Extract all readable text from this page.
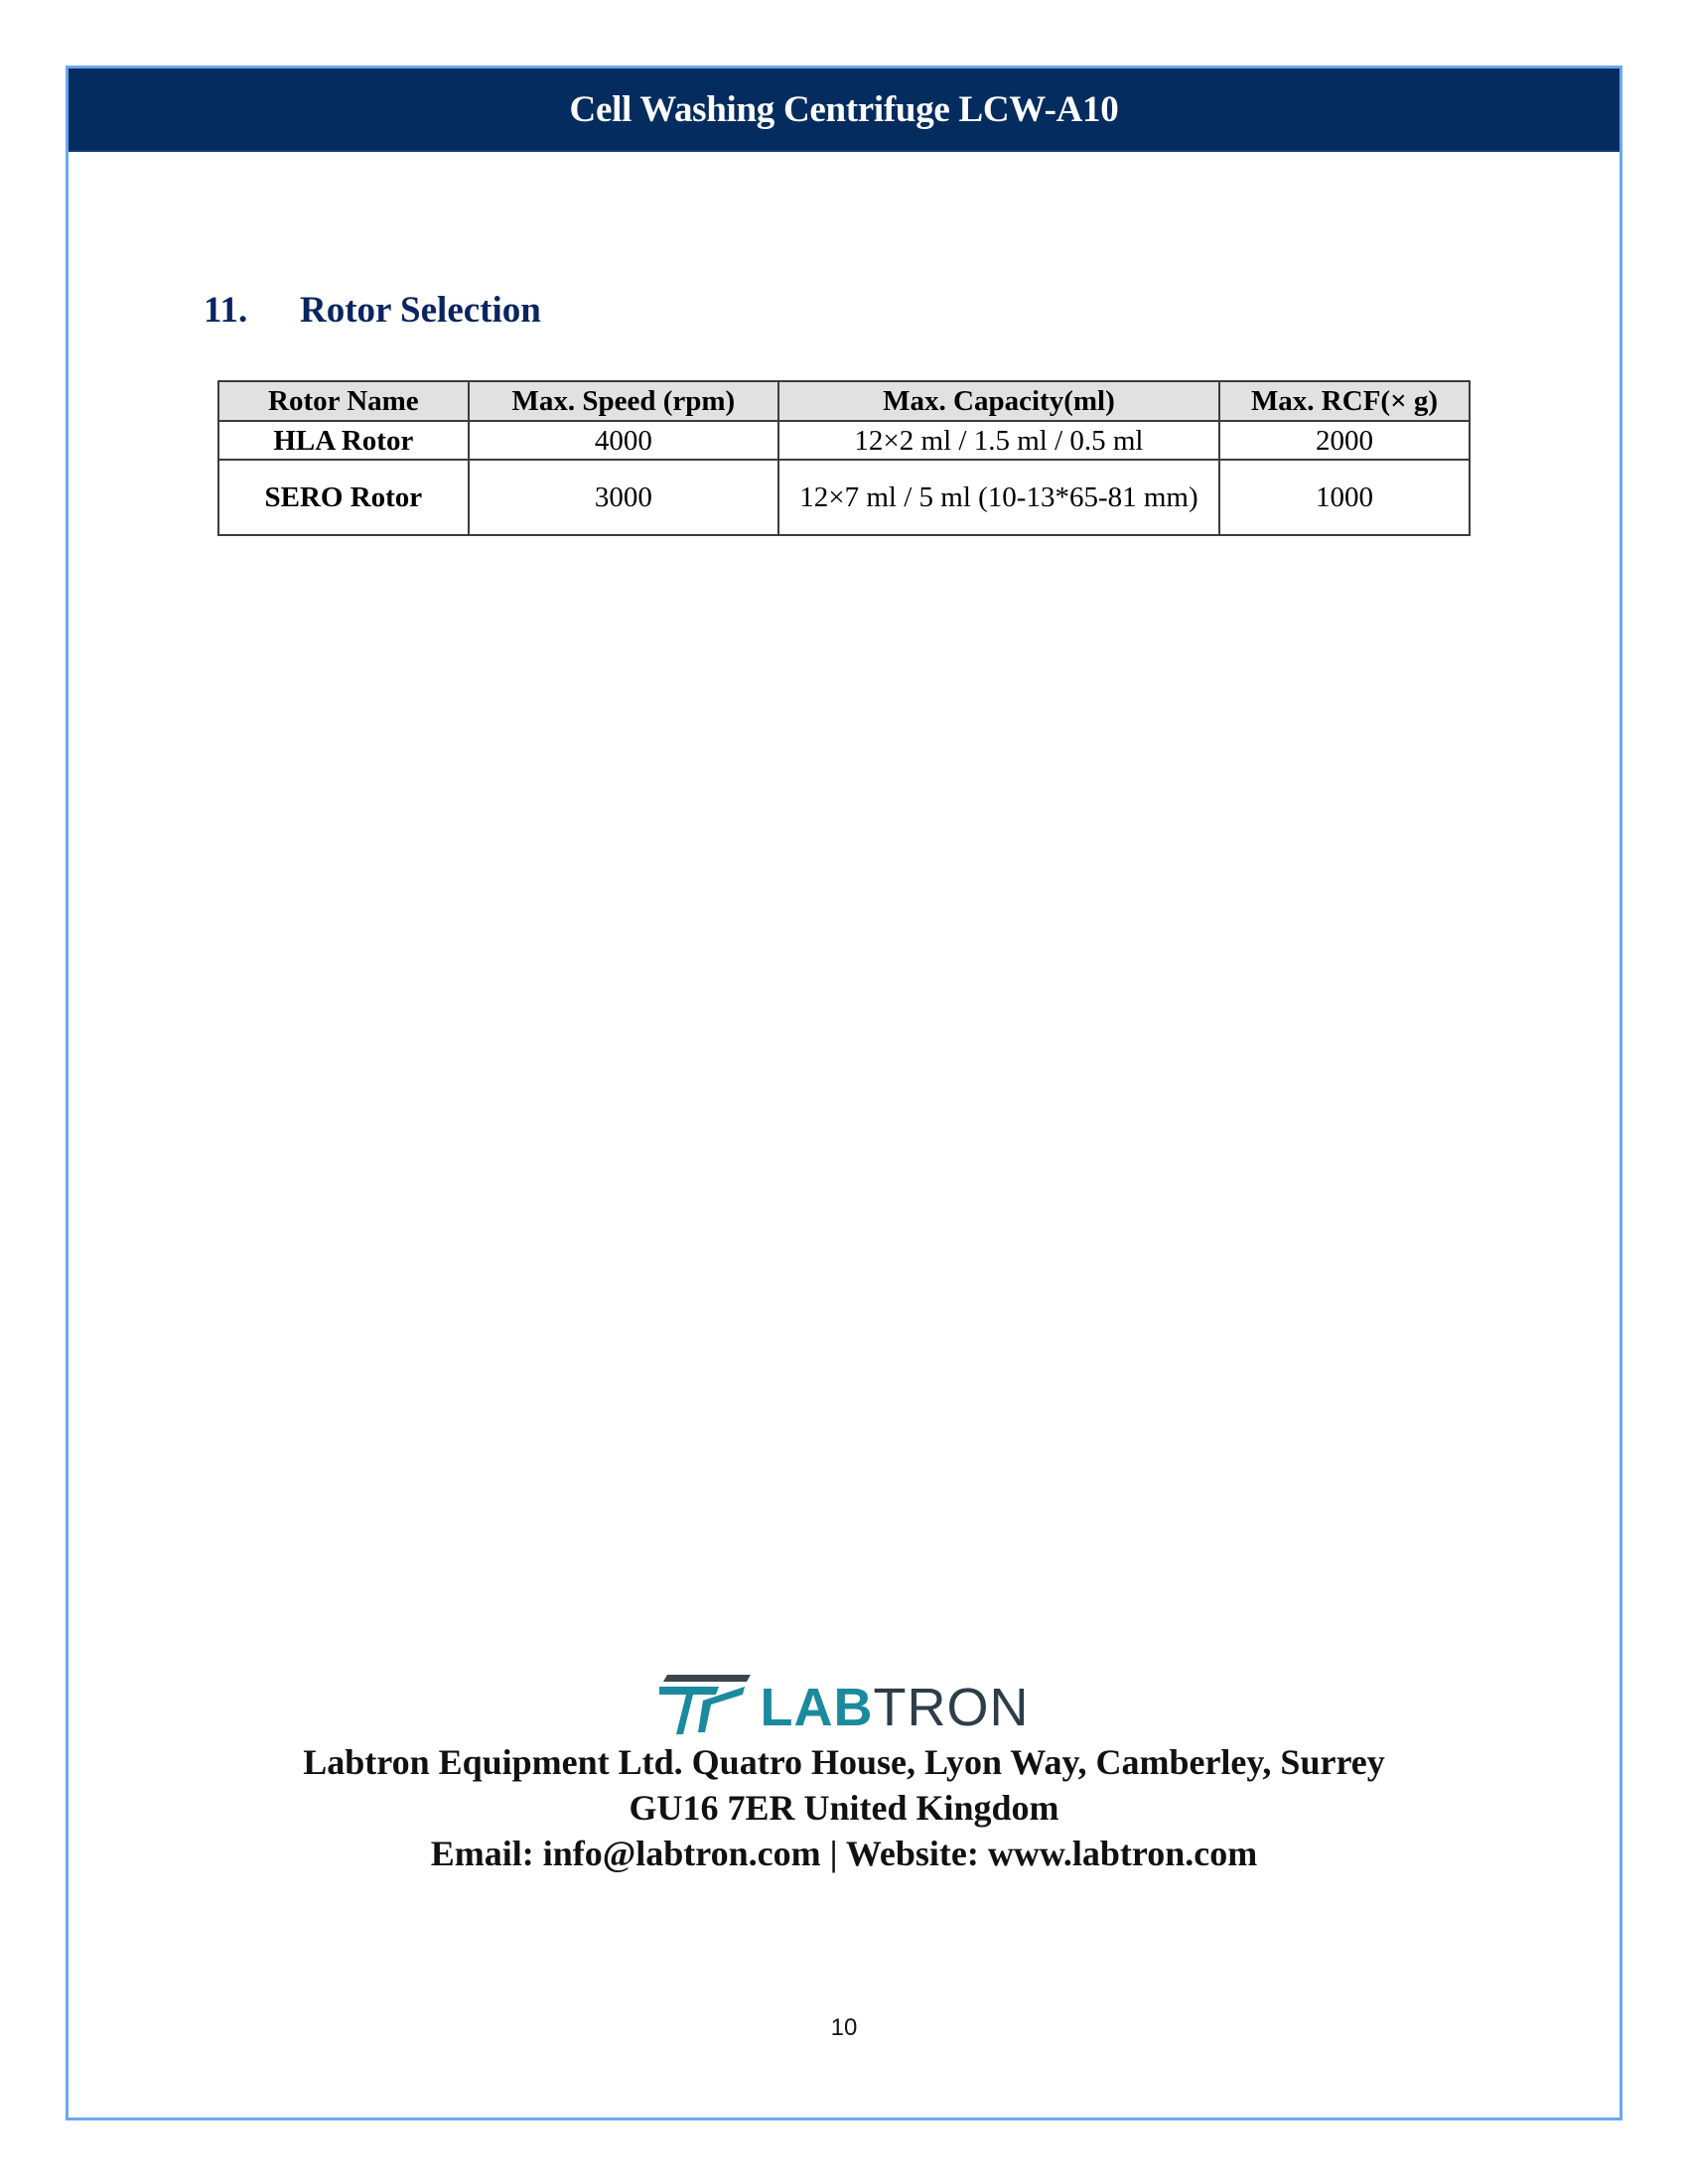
Cell Washing Centrifuge LCW-A10
11.	Rotor Selection
Rotor Name	Max. Speed (rpm)	Max. Capacity(ml)	Max. RCF(× g)
HLA Rotor	4000	12×2 ml / 1.5 ml / 0.5 ml	2000
SERO Rotor	3000	12×7 ml / 5 ml (10-13*65-81 mm)	1000
LABTRON
Labtron Equipment Ltd. Quatro House, Lyon Way, Camberley, Surrey
GU16 7ER United Kingdom
Email: info@labtron.com | Website: www.labtron.com
10
